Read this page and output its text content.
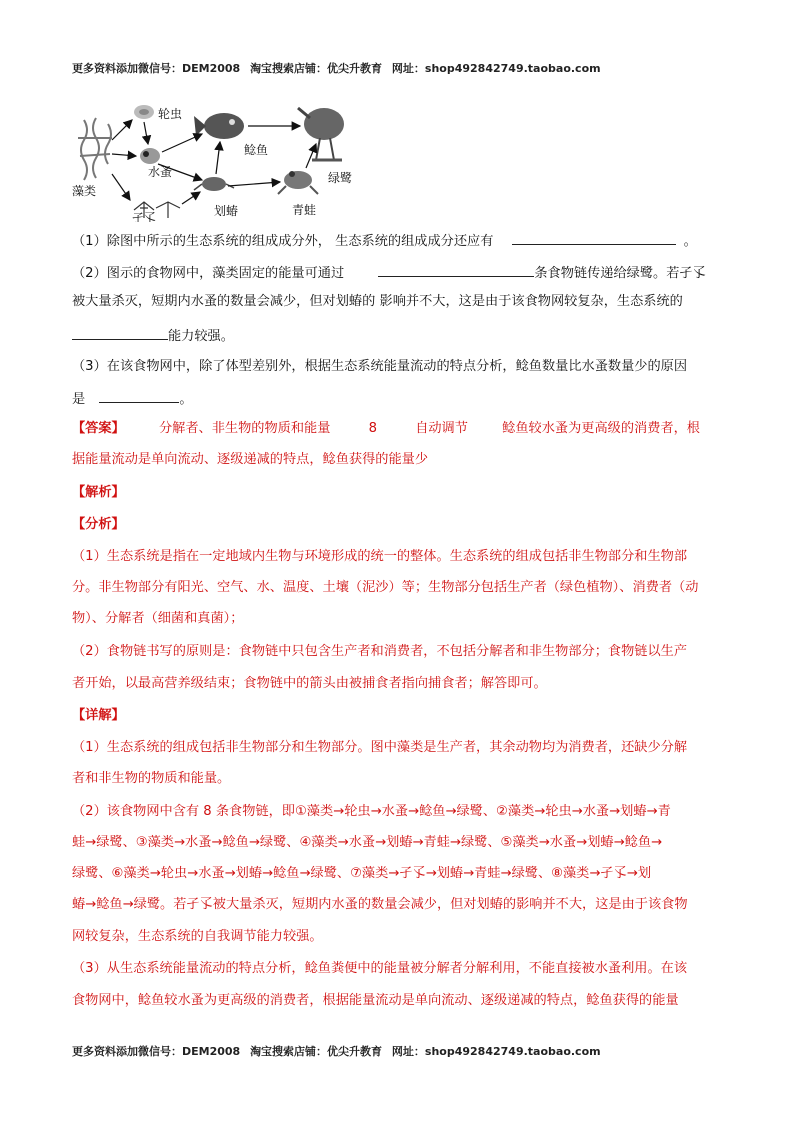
更多资料添加微信号：DEM2008 淘宝搜索店铺：优尖升教育 网址：shop492842749.taobao.com
轮虫
藻类
水蚤
鲶鱼
绿鹭
孑孓	划蝽	青蛙
（1）除图中所示的生态系统的组成成分外， 生态系统的组成成分还应有	。
（2）图示的食物网中，藻类固定的能量可通过	条食物链传递给绿鹭。若孑孓
被大量杀灭，短期内水蚤的数量会减少，但对划蝽的 影响并不大，这是由于该食物网较复杂，生态系统的
能力较强。
（3）在该食物网中，除了体型差别外，根据生态系统能量流动的特点分析，鲶鱼数量比水蚤数量少的原因
是	。
【答案】	分解者、非生物的物质和能量	8	自动调节	鲶鱼较水蚤为更高级的消费者，根
据能量流动是单向流动、逐级递减的特点，鲶鱼获得的能量少
【解析】
【分析】
（1）生态系统是指在一定地域内生物与环境形成的统一的整体。生态系统的组成包括非生物部分和生物部
分。非生物部分有阳光、空气、水、温度、土壤（泥沙）等；生物部分包括生产者（绿色植物）、消费者（动
物）、分解者（细菌和真菌）；
（2）食物链书写的原则是：食物链中只包含生产者和消费者，不包括分解者和非生物部分；食物链以生产
者开始，以最高营养级结束；食物链中的箭头由被捕食者指向捕食者；解答即可。
【详解】
（1）生态系统的组成包括非生物部分和生物部分。图中藻类是生产者，其余动物均为消费者，还缺少分解
者和非生物的物质和能量。
（2）该食物网中含有 8 条食物链，即①藻类→轮虫→水蚤→鲶鱼→绿鹭、②藻类→轮虫→水蚤→划蝽→青
蛙→绿鹭、③藻类→水蚤→鲶鱼→绿鹭、④藻类→水蚤→划蝽→青蛙→绿鹭、⑤藻类→水蚤→划蝽→鲶鱼→
绿鹭、⑥藻类→轮虫→水蚤→划蝽→鲶鱼→绿鹭、⑦藻类→孑孓→划蝽→青蛙→绿鹭、⑧藻类→孑孓→划
蝽→鲶鱼→绿鹭。若孑孓被大量杀灭，短期内水蚤的数量会减少，但对划蝽的影响并不大，这是由于该食物
网较复杂，生态系统的自我调节能力较强。
（3）从生态系统能量流动的特点分析，鲶鱼粪便中的能量被分解者分解利用，不能直接被水蚤利用。在该
食物网中，鲶鱼较水蚤为更高级的消费者，根据能量流动是单向流动、逐级递减的特点，鲶鱼获得的能量
更多资料添加微信号：DEM2008 淘宝搜索店铺：优尖升教育 网址：shop492842749.taobao.com
